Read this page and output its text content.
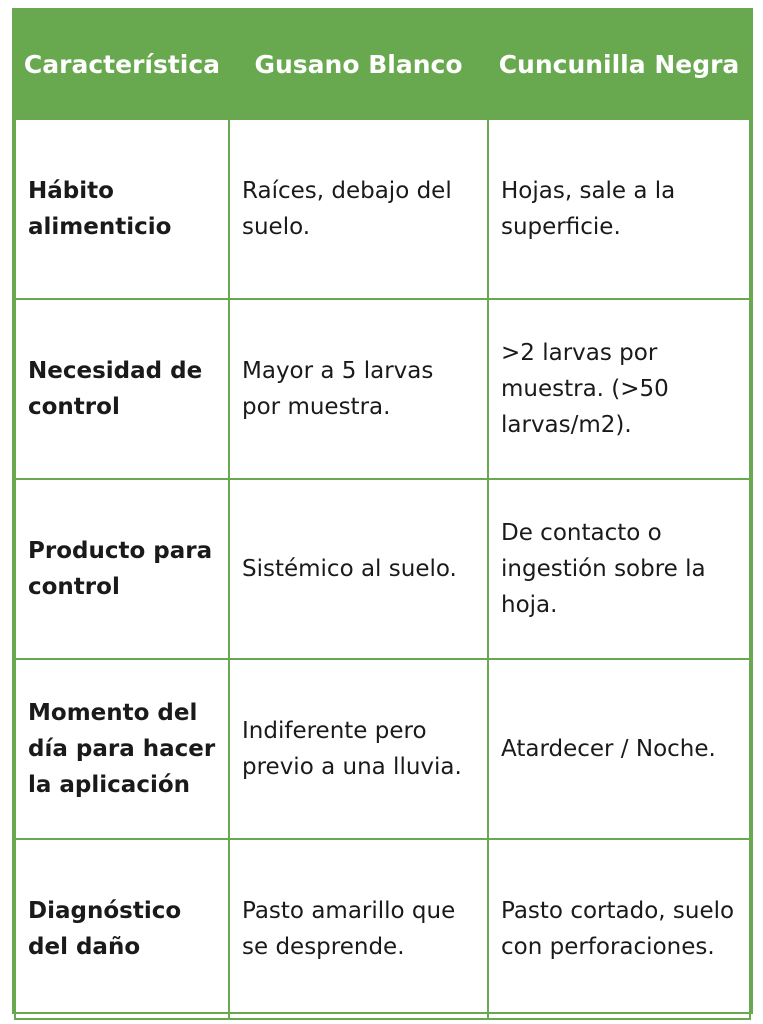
Característica	Gusano Blanco	Cuncunilla Negra
Hábito alimenticio	Raíces, debajo del suelo.	Hojas, sale a la superficie.
Necesidad de control	Mayor a 5 larvas por muestra.	>2 larvas por muestra. (>50 larvas/m2).
Producto para control	Sistémico al suelo.	De contacto o ingestión sobre la hoja.
Momento del día para hacer la aplicación	Indiferente pero previo a una lluvia.	Atardecer / Noche.
Diagnóstico del daño	Pasto amarillo que se desprende.	Pasto cortado, suelo con perforaciones.
